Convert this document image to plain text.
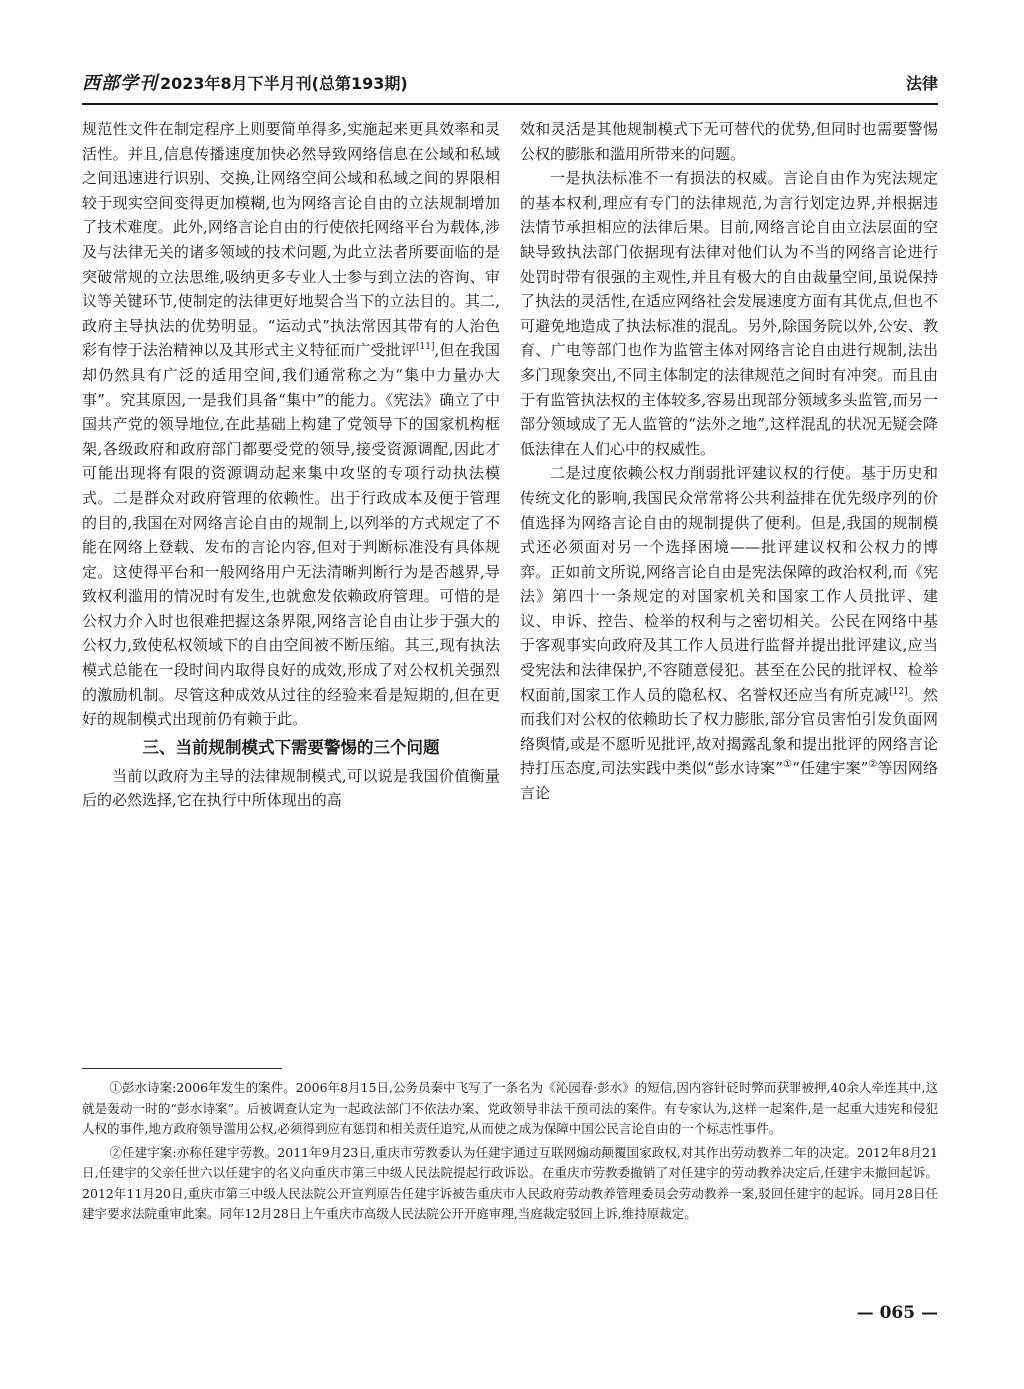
西部学刊 2023年8月下半月刊(总第193期)	法律

规范性文件在制定程序上则要简单得多,实施起来更具效率和灵活性。并且,信息传播速度加快必然导致网络信息在公域和私域之间迅速进行识别、交换,让网络空间公域和私域之间的界限相较于现实空间变得更加模糊,也为网络言论自由的立法规制增加了技术难度。此外,网络言论自由的行使依托网络平台为载体,涉及与法律无关的诸多领域的技术问题,为此立法者所要面临的是突破常规的立法思维,吸纳更多专业人士参与到立法的咨询、审议等关键环节,使制定的法律更好地契合当下的立法目的。其二,政府主导执法的优势明显。“运动式”执法常因其带有的人治色彩有悖于法治精神以及其形式主义特征而广受批评[11],但在我国却仍然具有广泛的适用空间,我们通常称之为“集中力量办大事”。究其原因,一是我们具备“集中”的能力。《宪法》确立了中国共产党的领导地位,在此基础上构建了党领导下的国家机构框架,各级政府和政府部门都要受党的领导,接受资源调配,因此才可能出现将有限的资源调动起来集中攻坚的专项行动执法模式。二是群众对政府管理的依赖性。出于行政成本及便于管理的目的,我国在对网络言论自由的规制上,以列举的方式规定了不能在网络上登载、发布的言论内容,但对于判断标准没有具体规定。这使得平台和一般网络用户无法清晰判断行为是否越界,导致权利滥用的情况时有发生,也就愈发依赖政府管理。可惜的是公权力介入时也很难把握这条界限,网络言论自由让步于强大的公权力,致使私权领域下的自由空间被不断压缩。其三,现有执法模式总能在一段时间内取得良好的成效,形成了对公权机关强烈的激励机制。尽管这种成效从过往的经验来看是短期的,但在更好的规制模式出现前仍有赖于此。

三、当前规制模式下需要警惕的三个问题

当前以政府为主导的法律规制模式,可以说是我国价值衡量后的必然选择,它在执行中所体现出的高

效和灵活是其他规制模式下无可替代的优势,但同时也需要警惕公权的膨胀和滥用所带来的问题。

一是执法标准不一有损法的权威。言论自由作为宪法规定的基本权利,理应有专门的法律规范,为言行划定边界,并根据违法情节承担相应的法律后果。目前,网络言论自由立法层面的空缺导致执法部门依据现有法律对他们认为不当的网络言论进行处罚时带有很强的主观性,并且有极大的自由裁量空间,虽说保持了执法的灵活性,在适应网络社会发展速度方面有其优点,但也不可避免地造成了执法标准的混乱。另外,除国务院以外,公安、教育、广电等部门也作为监管主体对网络言论自由进行规制,法出多门现象突出,不同主体制定的法律规范之间时有冲突。而且由于有监管执法权的主体较多,容易出现部分领域多头监管,而另一部分领域成了无人监管的“法外之地”,这样混乱的状况无疑会降低法律在人们心中的权威性。

二是过度依赖公权力削弱批评建议权的行使。基于历史和传统文化的影响,我国民众常常将公共利益排在优先级序列的价值选择为网络言论自由的规制提供了便利。但是,我国的规制模式还必须面对另一个选择困境——批评建议权和公权力的博弈。正如前文所说,网络言论自由是宪法保障的政治权利,而《宪法》第四十一条规定的对国家机关和国家工作人员批评、建议、申诉、控告、检举的权利与之密切相关。公民在网络中基于客观事实向政府及其工作人员进行监督并提出批评建议,应当受宪法和法律保护,不容随意侵犯。甚至在公民的批评权、检举权面前,国家工作人员的隐私权、名誉权还应当有所克减[12]。然而我们对公权的依赖助长了权力膨胀,部分官员害怕引发负面网络舆情,或是不愿听见批评,故对揭露乱象和提出批评的网络言论持打压态度,司法实践中类似“彭水诗案”①“任建宇案”②等因网络言论

①彭水诗案:2006年发生的案件。2006年8月15日,公务员秦中飞写了一条名为《沁园春·彭水》的短信,因内容针砭时弊而获罪被押,40余人牵连其中,这就是轰动一时的“彭水诗案”。后被调查认定为一起政法部门不依法办案、党政领导非法干预司法的案件。有专家认为,这样一起案件,是一起重大违宪和侵犯人权的事件,地方政府领导滥用公权,必须得到应有惩罚和相关责任追究,从而使之成为保障中国公民言论自由的一个标志性事件。

②任建宇案:亦称任建宇劳教。2011年9月23日,重庆市劳教委认为任建宇通过互联网煽动颠覆国家政权,对其作出劳动教养二年的决定。2012年8月21日,任建宇的父亲任世六以任建宇的名义向重庆市第三中级人民法院提起行政诉讼。在重庆市劳教委撤销了对任建宇的劳动教养决定后,任建宇未撤回起诉。2012年11月20日,重庆市第三中级人民法院公开宣判原告任建宇诉被告重庆市人民政府劳动教养管理委员会劳动教养一案,驳回任建宇的起诉。同月28日任建宇要求法院重审此案。同年12月28日上午重庆市高级人民法院公开开庭审理,当庭裁定驳回上诉,维持原裁定。

— 065 —
